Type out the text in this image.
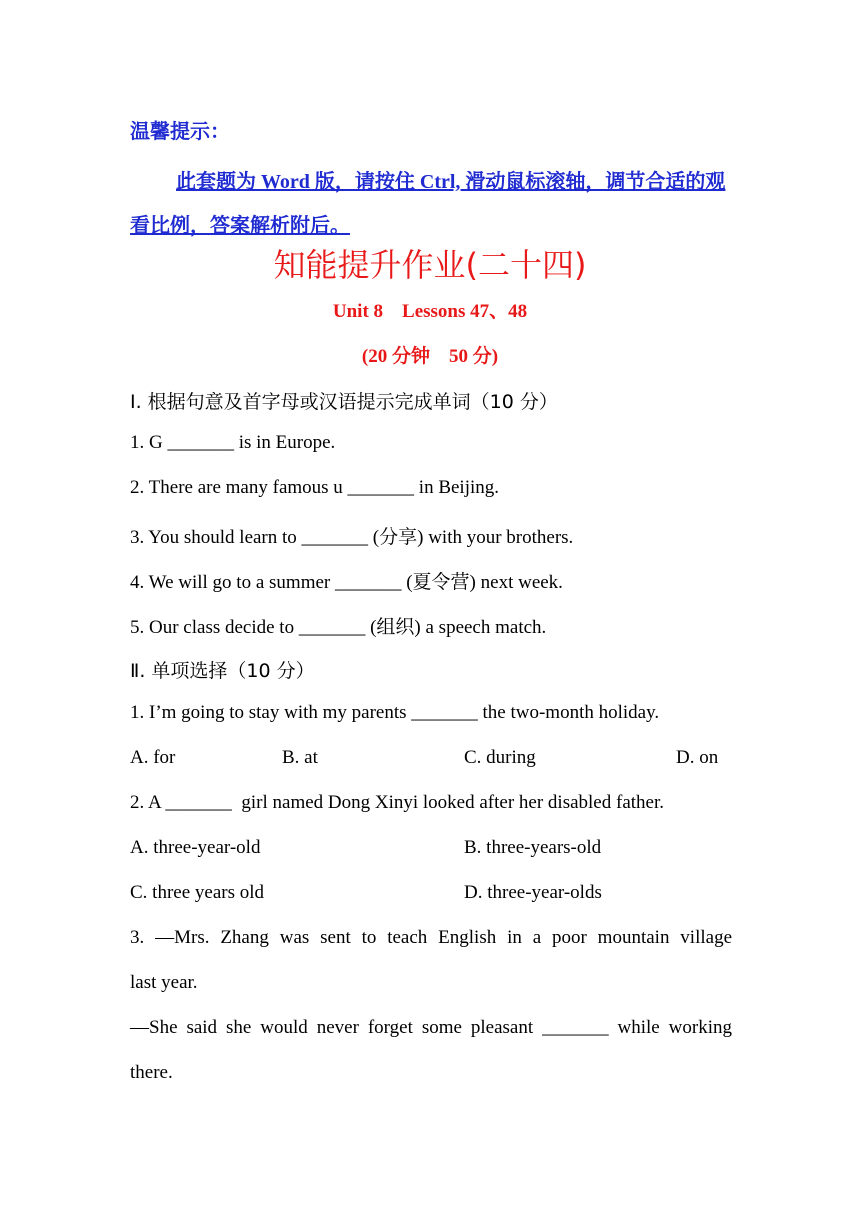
温馨提示：
此套题为 Word 版，请按住 Ctrl, 滑动鼠标滚轴，调节合适的观看比例，答案解析附后。
知能提升作业(二十四)
Unit 8    Lessons 47、48
(20 分钟    50 分)
Ⅰ. 根据句意及首字母或汉语提示完成单词（10 分）
1. G _______ is in Europe.
2. There are many famous u _______ in Beijing.
3. You should learn to _______ (分享) with your brothers.
4. We will go to a summer _______ (夏令营) next week.
5. Our class decide to _______ (组织) a speech match.
Ⅱ. 单项选择（10 分）
1. I’m going to stay with my parents _______ the two-month holiday.
A. for	B. at	C. during	D. on
2. A _______  girl named Dong Xinyi looked after her disabled father.
A. three-year-old	B. three-years-old
C. three years old	D. three-year-olds
3. —Mrs. Zhang was sent to teach English in a poor mountain village
last year.
—She said she would never forget some pleasant _______ while working
there.
